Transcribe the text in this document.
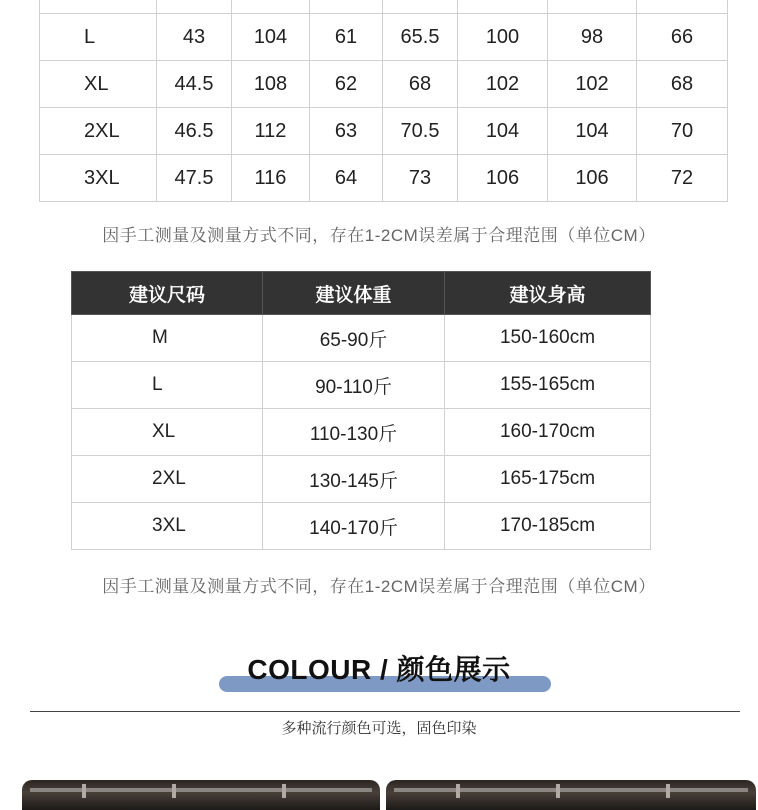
L	43	104	61	65.5	100	98	66
XL	44.5	108	62	68	102	102	68
2XL	46.5	112	63	70.5	104	104	70
3XL	47.5	116	64	73	106	106	72
因手工测量及测量方式不同，存在1-2CM误差属于合理范围（单位CM）
建议尺码	建议体重	建议身高
M	65-90斤	150-160cm
L	90-110斤	155-165cm
XL	110-130斤	160-170cm
2XL	130-145斤	165-175cm
3XL	140-170斤	170-185cm
因手工测量及测量方式不同，存在1-2CM误差属于合理范围（单位CM）
COLOUR / 颜色展示
多种流行颜色可选，固色印染
